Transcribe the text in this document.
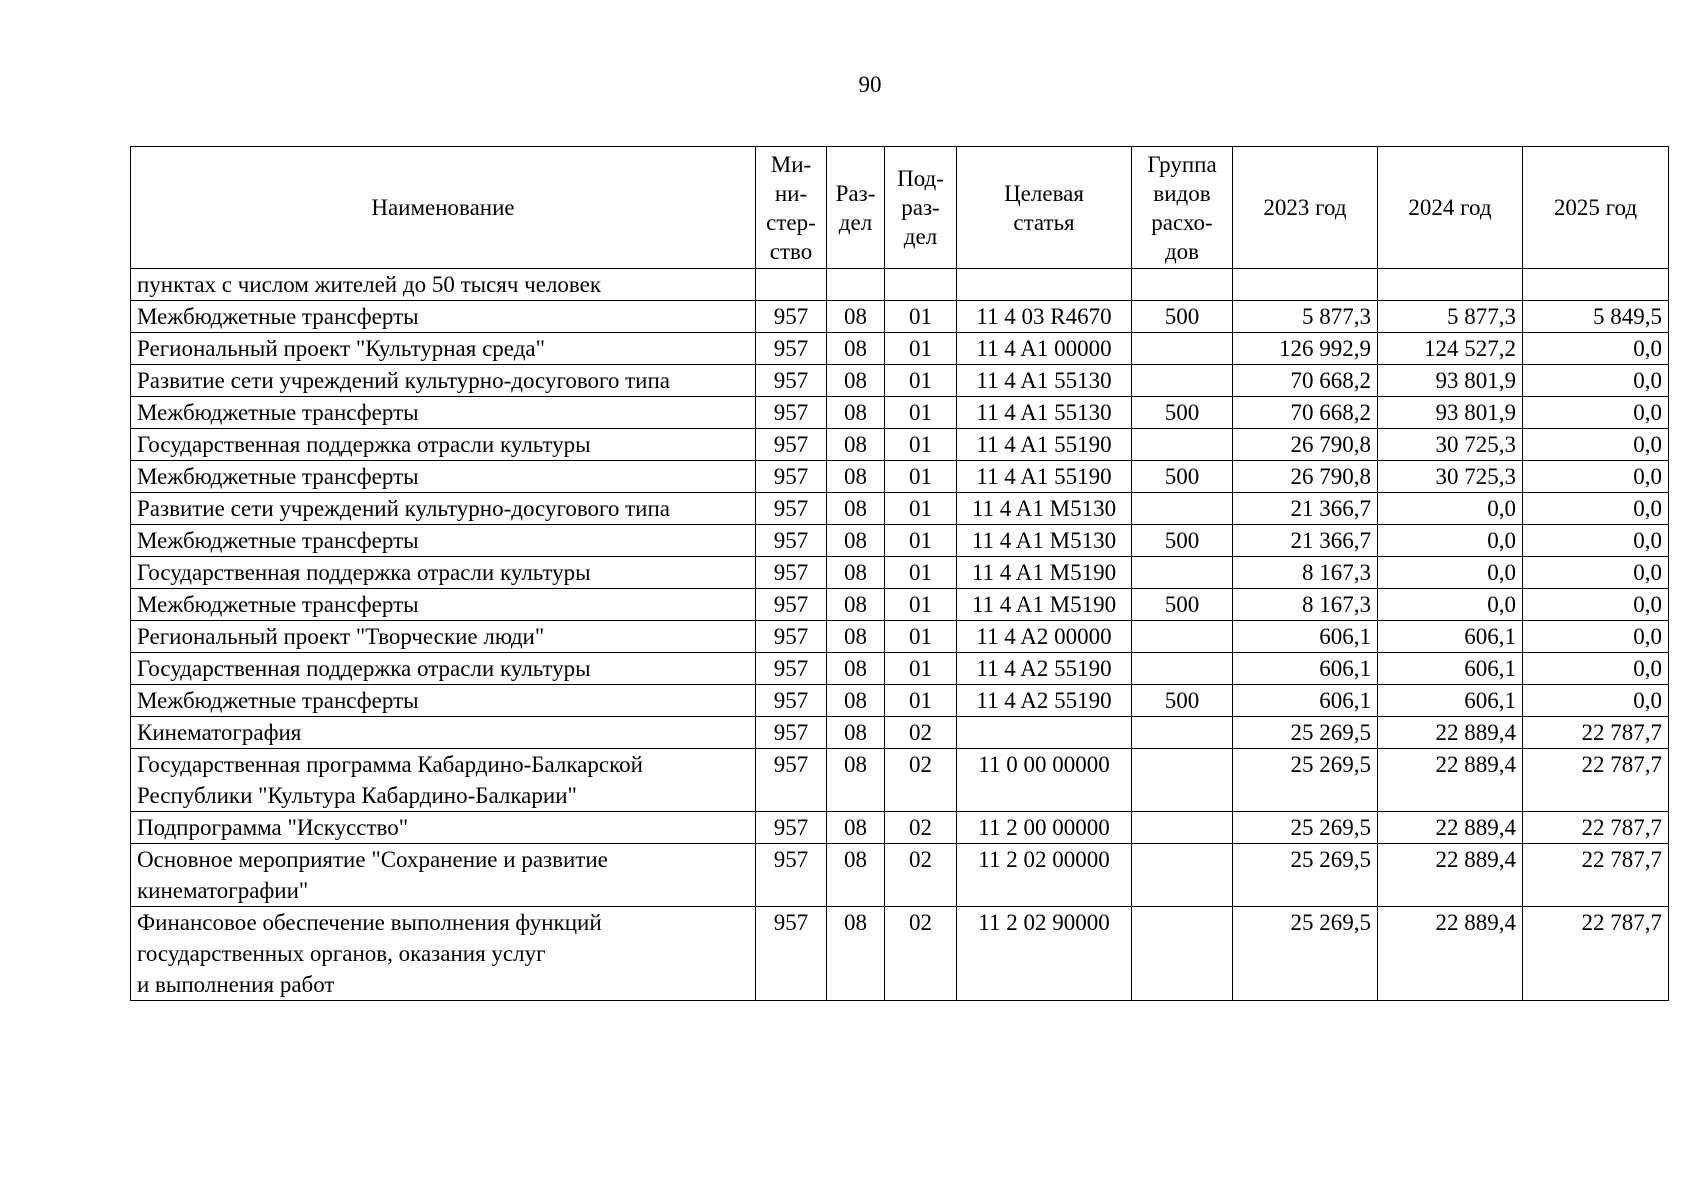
90
Наименование	Ми-
ни-
стер-
ство	Раз-
дел	Под-
раз-
дел	Целевая
статья	Группа
видов
расхо-
дов	2023 год	2024 год	2025 год
пунктах с числом жителей до 50 тысяч человек								
Межбюджетные трансферты	957	08	01	11 4 03 R4670	500	5 877,3	5 877,3	5 849,5
Региональный проект "Культурная среда"	957	08	01	11 4 A1 00000		126 992,9	124 527,2	0,0
Развитие сети учреждений культурно-досугового типа	957	08	01	11 4 A1 55130		70 668,2	93 801,9	0,0
Межбюджетные трансферты	957	08	01	11 4 A1 55130	500	70 668,2	93 801,9	0,0
Государственная поддержка отрасли культуры	957	08	01	11 4 A1 55190		26 790,8	30 725,3	0,0
Межбюджетные трансферты	957	08	01	11 4 A1 55190	500	26 790,8	30 725,3	0,0
Развитие сети учреждений культурно-досугового типа	957	08	01	11 4 A1 M5130		21 366,7	0,0	0,0
Межбюджетные трансферты	957	08	01	11 4 A1 M5130	500	21 366,7	0,0	0,0
Государственная поддержка отрасли культуры	957	08	01	11 4 A1 M5190		8 167,3	0,0	0,0
Межбюджетные трансферты	957	08	01	11 4 A1 M5190	500	8 167,3	0,0	0,0
Региональный проект "Творческие люди"	957	08	01	11 4 A2 00000		606,1	606,1	0,0
Государственная поддержка отрасли культуры	957	08	01	11 4 A2 55190		606,1	606,1	0,0
Межбюджетные трансферты	957	08	01	11 4 A2 55190	500	606,1	606,1	0,0
Кинематография	957	08	02			25 269,5	22 889,4	22 787,7
Государственная программа Кабардино-Балкарской Республики "Культура Кабардино-Балкарии"	957	08	02	11 0 00 00000		25 269,5	22 889,4	22 787,7
Подпрограмма "Искусство"	957	08	02	11 2 00 00000		25 269,5	22 889,4	22 787,7
Основное мероприятие "Сохранение и развитие кинематографии"	957	08	02	11 2 02 00000		25 269,5	22 889,4	22 787,7
Финансовое обеспечение выполнения функций государственных органов, оказания услуг
и выполнения работ	957	08	02	11 2 02 90000		25 269,5	22 889,4	22 787,7
